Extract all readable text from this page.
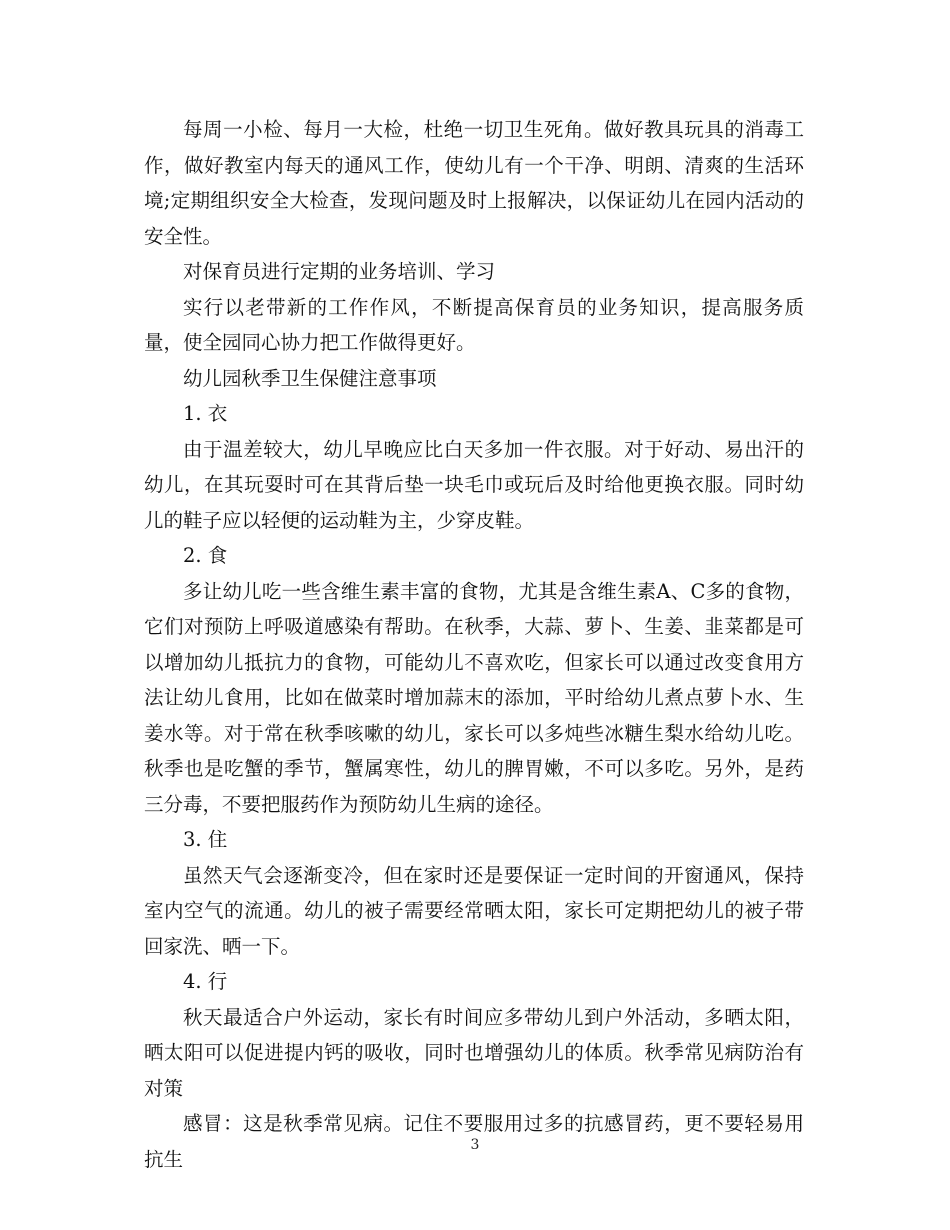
每周一小检、每月一大检，杜绝一切卫生死角。做好教具玩具的消毒工作，做好教室内每天的通风工作，使幼儿有一个干净、明朗、清爽的生活环境;定期组织安全大检查，发现问题及时上报解决，以保证幼儿在园内活动的安全性。

对保育员进行定期的业务培训、学习

实行以老带新的工作作风，不断提高保育员的业务知识，提高服务质量，使全园同心协力把工作做得更好。

幼儿园秋季卫生保健注意事项

1. 衣

由于温差较大，幼儿早晚应比白天多加一件衣服。对于好动、易出汗的幼儿，在其玩耍时可在其背后垫一块毛巾或玩后及时给他更换衣服。同时幼儿的鞋子应以轻便的运动鞋为主，少穿皮鞋。

2. 食

多让幼儿吃一些含维生素丰富的食物，尤其是含维生素A、C多的食物，它们对预防上呼吸道感染有帮助。在秋季，大蒜、萝卜、生姜、韭菜都是可以增加幼儿抵抗力的食物，可能幼儿不喜欢吃，但家长可以通过改变食用方法让幼儿食用，比如在做菜时增加蒜末的添加，平时给幼儿煮点萝卜水、生姜水等。对于常在秋季咳嗽的幼儿，家长可以多炖些冰糖生梨水给幼儿吃。秋季也是吃蟹的季节，蟹属寒性，幼儿的脾胃嫩，不可以多吃。另外，是药三分毒，不要把服药作为预防幼儿生病的途径。

3. 住

虽然天气会逐渐变冷，但在家时还是要保证一定时间的开窗通风，保持室内空气的流通。幼儿的被子需要经常晒太阳，家长可定期把幼儿的被子带回家洗、晒一下。

4. 行

秋天最适合户外运动，家长有时间应多带幼儿到户外活动，多晒太阳，晒太阳可以促进提内钙的吸收，同时也增强幼儿的体质。秋季常见病防治有对策

感冒：这是秋季常见病。记住不要服用过多的抗感冒药，更不要轻易用抗生

3
